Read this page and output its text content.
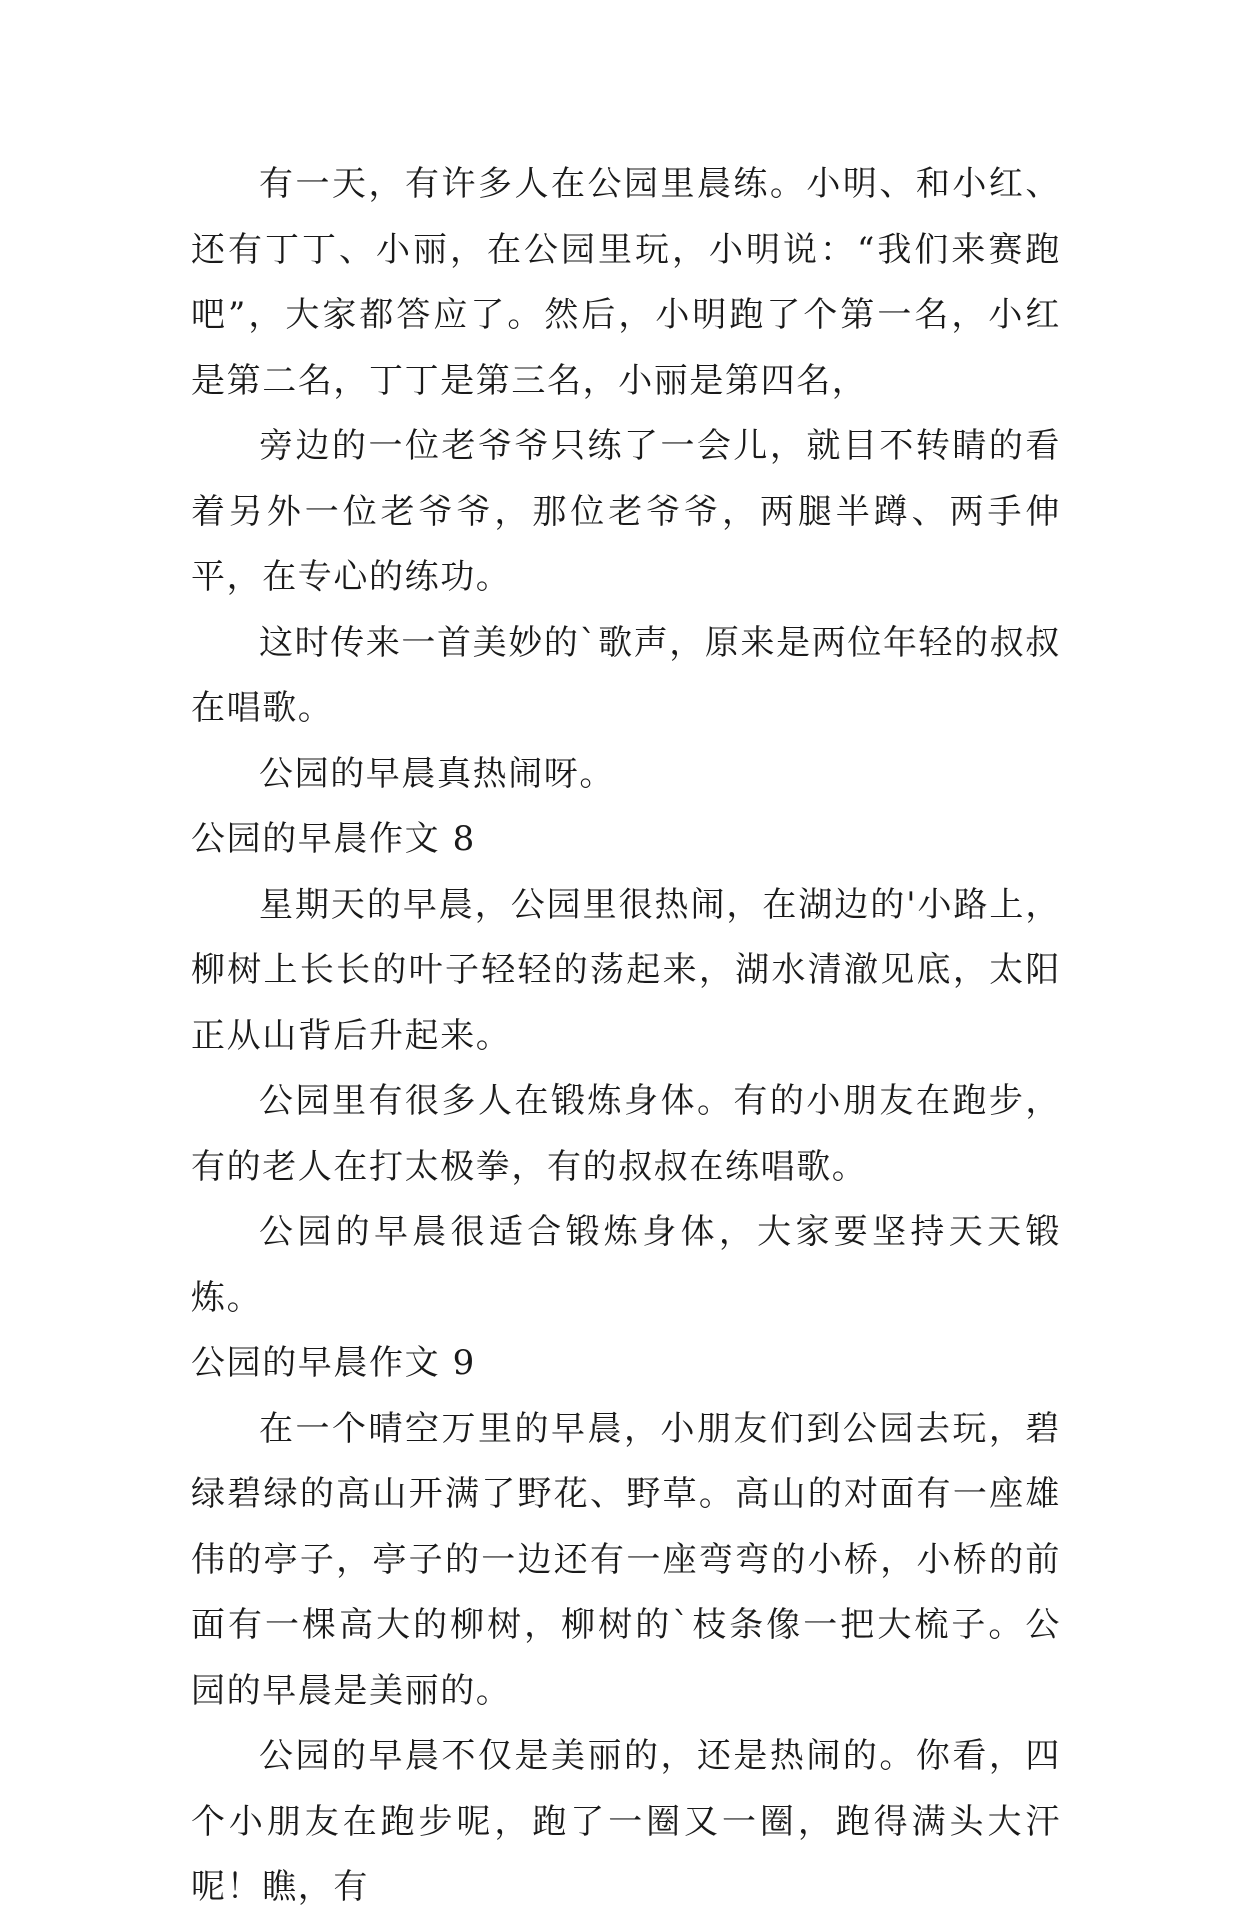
有一天，有许多人在公园里晨练。小明、和小红、还有丁丁、小丽，在公园里玩，小明说：“我们来赛跑吧”，大家都答应了。然后，小明跑了个第一名，小红是第二名，丁丁是第三名，小丽是第四名，

旁边的一位老爷爷只练了一会儿，就目不转睛的看着另外一位老爷爷，那位老爷爷，两腿半蹲、两手伸平，在专心的练功。

这时传来一首美妙的`歌声，原来是两位年轻的叔叔在唱歌。

公园的早晨真热闹呀。

公园的早晨作文 8

星期天的早晨，公园里很热闹，在湖边的'小路上，柳树上长长的叶子轻轻的荡起来，湖水清澈见底，太阳正从山背后升起来。

公园里有很多人在锻炼身体。有的小朋友在跑步，有的老人在打太极拳，有的叔叔在练唱歌。

公园的早晨很适合锻炼身体，大家要坚持天天锻炼。

公园的早晨作文 9

在一个晴空万里的早晨，小朋友们到公园去玩，碧绿碧绿的高山开满了野花、野草。高山的对面有一座雄伟的亭子，亭子的一边还有一座弯弯的小桥，小桥的前面有一棵高大的柳树，柳树的`枝条像一把大梳子。公园的早晨是美丽的。

公园的早晨不仅是美丽的，还是热闹的。你看，四个小朋友在跑步呢，跑了一圈又一圈，跑得满头大汗呢！瞧，有
